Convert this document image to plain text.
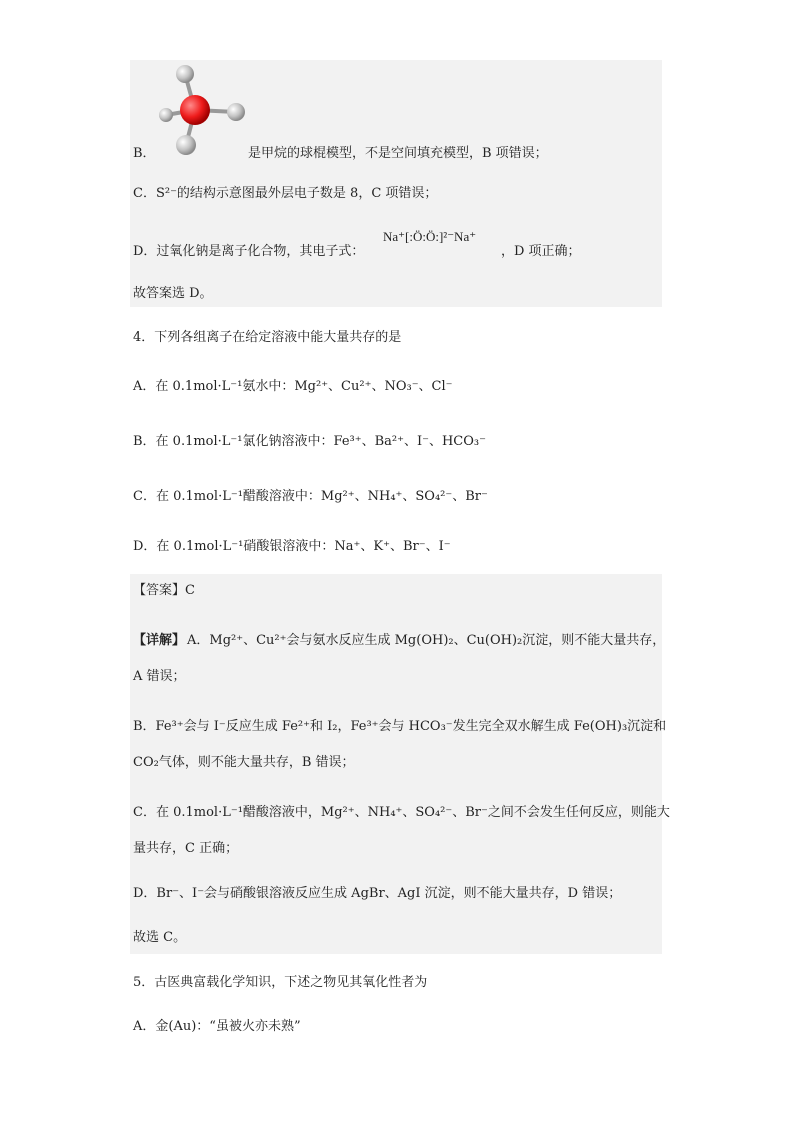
B．	是甲烷的球棍模型，不是空间填充模型，B 项错误；
C．S²⁻的结构示意图最外层电子数是 8，C 项错误；
D．过氧化钠是离子化合物，其电子式：
Na⁺[:Ö:Ö:]²⁻Na⁺
，D 项正确；
故答案选 D。
4．下列各组离子在给定溶液中能大量共存的是
A．在 0.1mol·L⁻¹氨水中：Mg²⁺、Cu²⁺、NO₃⁻、Cl⁻
B．在 0.1mol·L⁻¹氯化钠溶液中：Fe³⁺、Ba²⁺、I⁻、HCO₃⁻
C．在 0.1mol·L⁻¹醋酸溶液中：Mg²⁺、NH₄⁺、SO₄²⁻、Br⁻
D．在 0.1mol·L⁻¹硝酸银溶液中：Na⁺、K⁺、Br⁻、I⁻
【答案】C
【详解】 A．Mg²⁺、Cu²⁺会与氨水反应生成 Mg(OH)₂、Cu(OH)₂沉淀，则不能大量共存，
A 错误；
B．Fe³⁺会与 I⁻反应生成 Fe²⁺和 I₂，Fe³⁺会与 HCO₃⁻发生完全双水解生成 Fe(OH)₃沉淀和
CO₂气体，则不能大量共存，B 错误；
C．在 0.1mol·L⁻¹醋酸溶液中，Mg²⁺、NH₄⁺、SO₄²⁻、Br⁻之间不会发生任何反应，则能大
量共存，C 正确；
D．Br⁻、I⁻会与硝酸银溶液反应生成 AgBr、AgI 沉淀，则不能大量共存，D 错误；
故选 C。
5．古医典富载化学知识，下述之物见其氧化性者为
A．金(Au)：“虽被火亦未熟”
